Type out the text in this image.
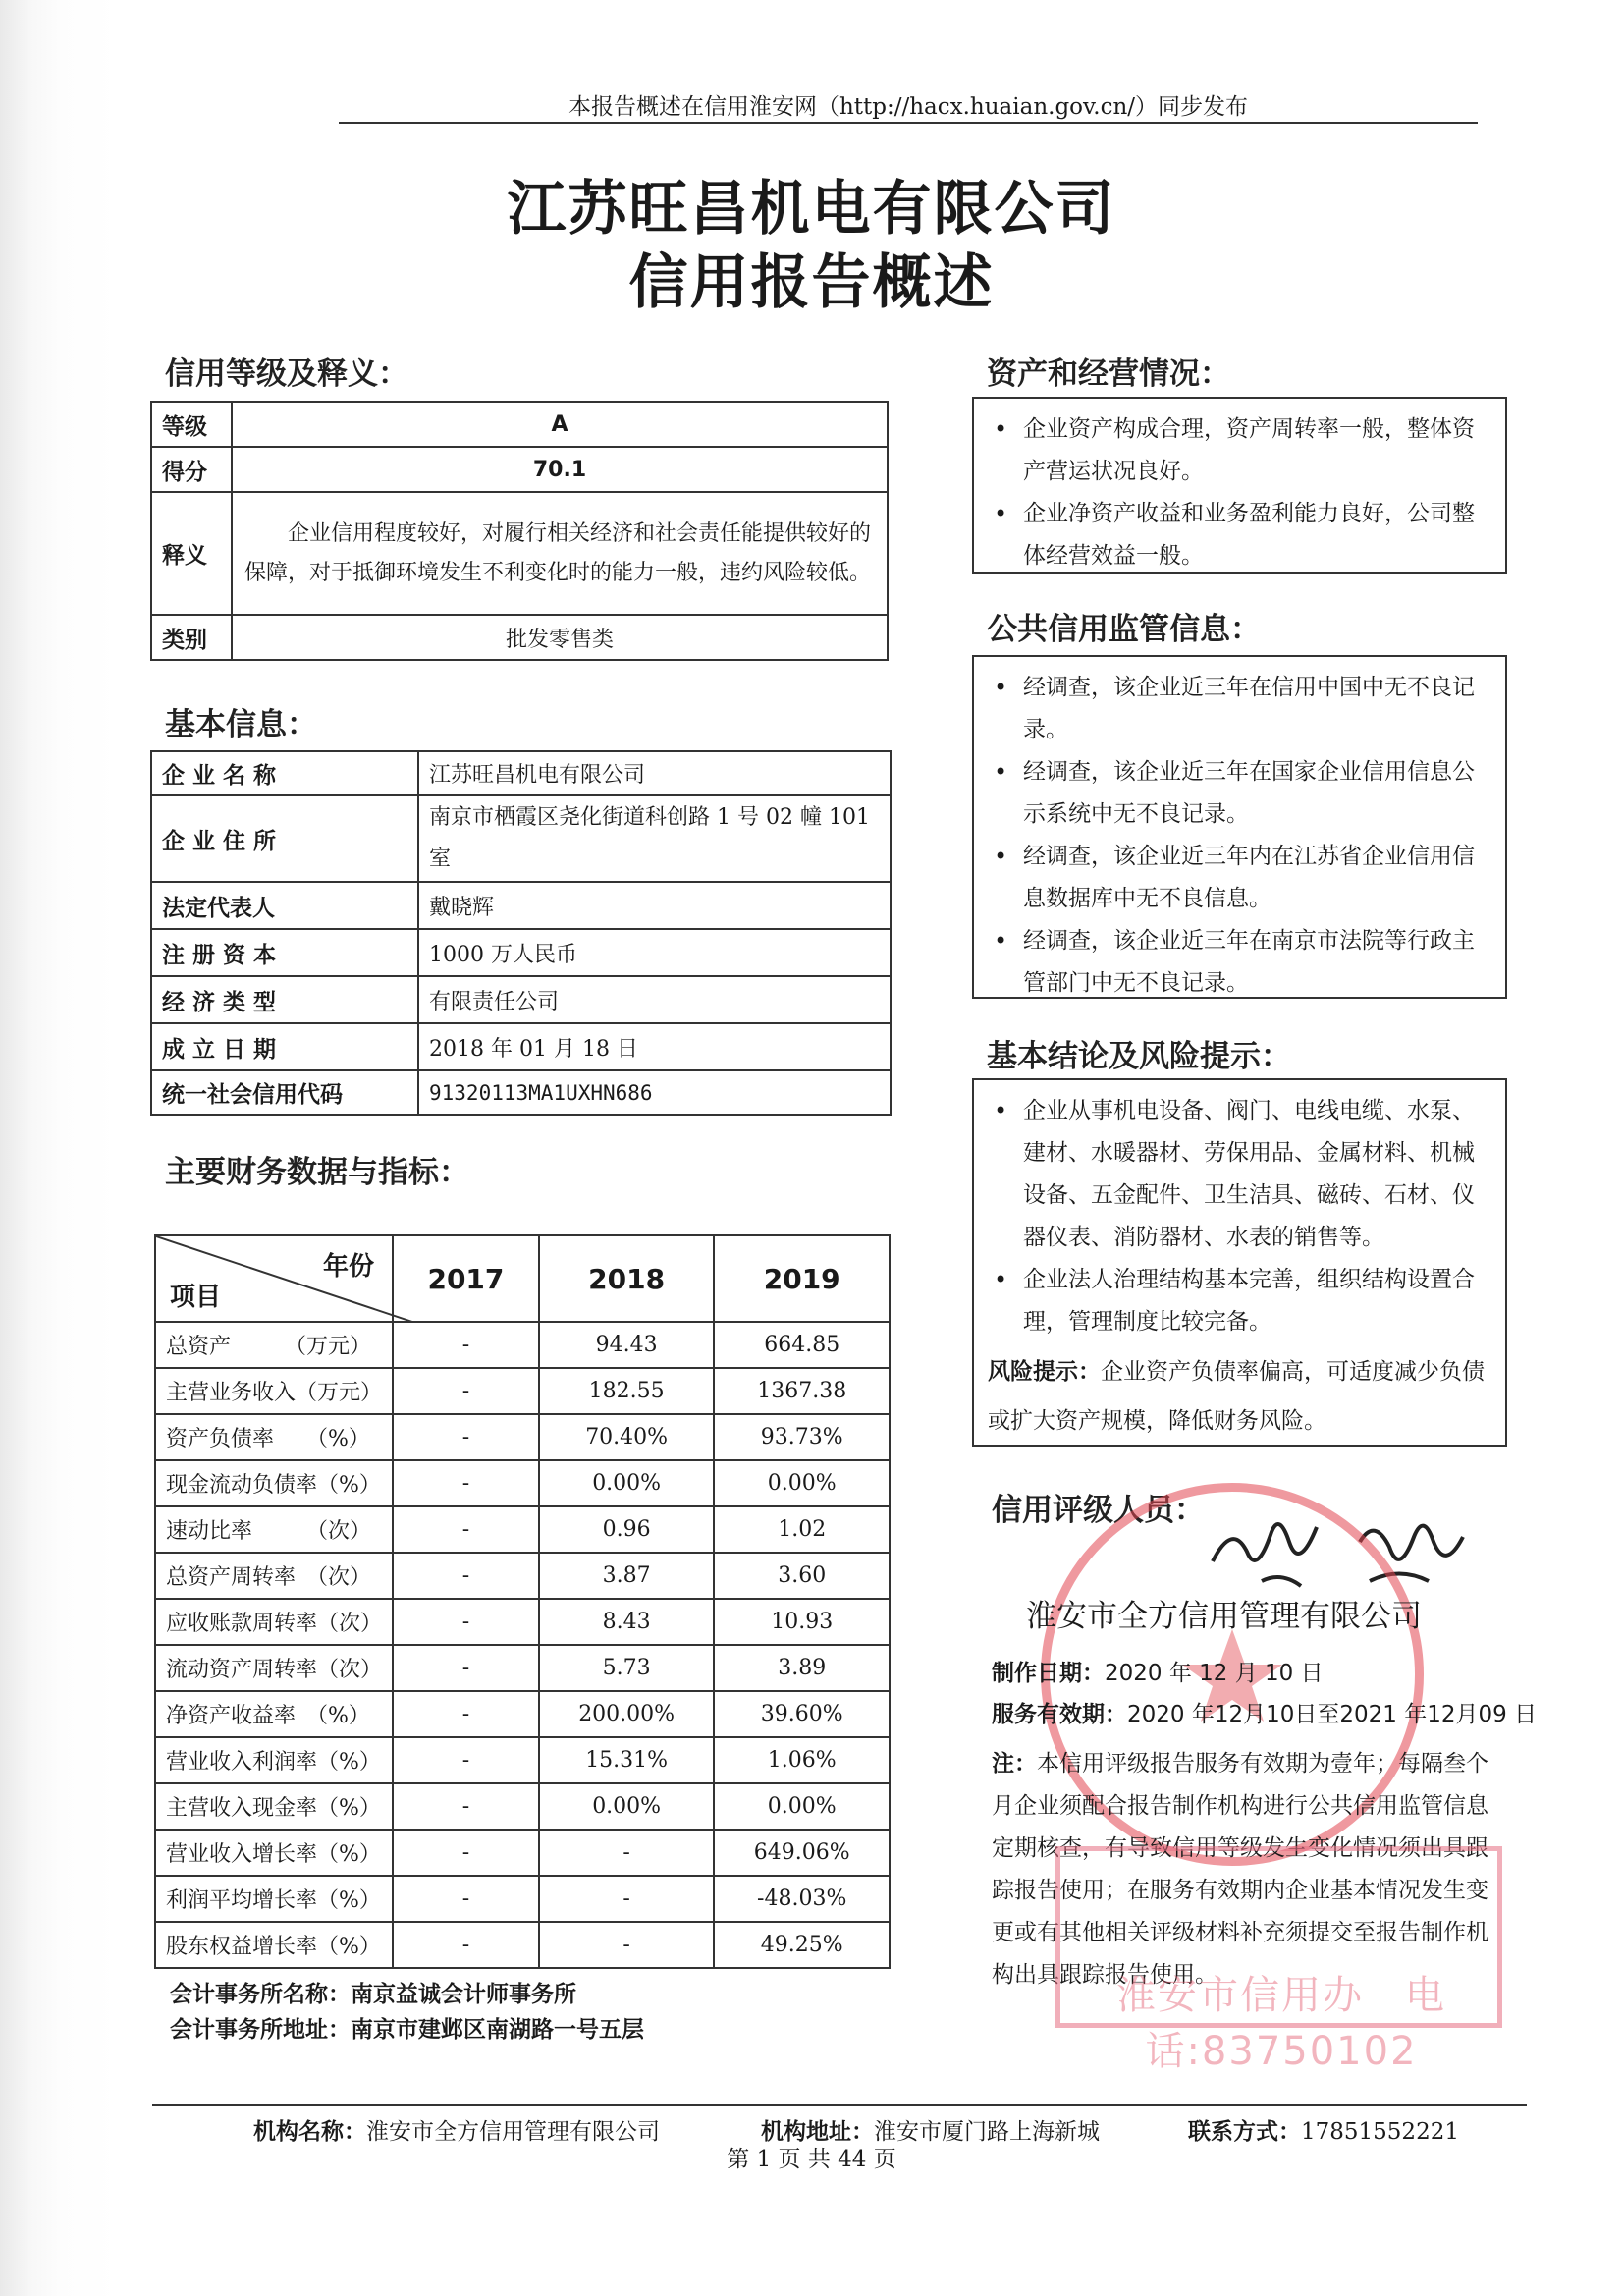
本报告概述在信用淮安网（http://hacx.huaian.gov.cn/）同步发布
江苏旺昌机电有限公司
信用报告概述
信用等级及释义：
等级	A
得分	70.1
释义	企业信用程度较好，对履行相关经济和社会责任能提供较好的保障，对于抵御环境发生不利变化时的能力一般，违约风险较低。
类别	批发零售类
基本信息：
企 业 名 称	江苏旺昌机电有限公司
企 业 住 所	南京市栖霞区尧化街道科创路 1 号 02 幢 101 室
法定代表人	戴晓辉
注 册 资 本	1000 万人民币
经 济 类 型	有限责任公司
成 立 日 期	2018 年 01 月 18 日
统一社会信用代码	91320113MA1UXHN686
主要财务数据与指标：
年份
项目	2017	2018	2019
总资产　　　（万元）	-	94.43	664.85
主营业务收入（万元）	-	182.55	1367.38
资产负债率　　（%）	-	70.40%	93.73%
现金流动负债率（%）	-	0.00%	0.00%
速动比率　　　（次）	-	0.96	1.02
总资产周转率　（次）	-	3.87	3.60
应收账款周转率（次）	-	8.43	10.93
流动资产周转率（次）	-	5.73	3.89
净资产收益率　（%）	-	200.00%	39.60%
营业收入利润率（%）	-	15.31%	1.06%
主营收入现金率（%）	-	0.00%	0.00%
营业收入增长率（%）	-	-	649.06%
利润平均增长率（%）	-	-	-48.03%
股东权益增长率（%）	-	-	49.25%
会计事务所名称：南京益诚会计师事务所
会计事务所地址：南京市建邺区南湖路一号五层
资产和经营情况：
• 企业资产构成合理，资产周转率一般，整体资产营运状况良好。
• 企业净资产收益和业务盈利能力良好，公司整体经营效益一般。
公共信用监管信息：
• 经调查，该企业近三年在信用中国中无不良记录。
• 经调查，该企业近三年在国家企业信用信息公示系统中无不良记录。
• 经调查，该企业近三年内在江苏省企业信用信息数据库中无不良信息。
• 经调查，该企业近三年在南京市法院等行政主管部门中无不良记录。
基本结论及风险提示：
• 企业从事机电设备、阀门、电线电缆、水泵、建材、水暖器材、劳保用品、金属材料、机械设备、五金配件、卫生洁具、磁砖、石材、仪器仪表、消防器材、水表的销售等。
• 企业法人治理结构基本完善，组织结构设置合理，管理制度比较完备。
风险提示：企业资产负债率偏高，可适度减少负债或扩大资产规模，降低财务风险。
信用评级人员：
淮安市全方信用管理有限公司
制作日期：2020 年 12 月 10 日
服务有效期：2020 年12月10日至2021 年12月09 日
注：本信用评级报告服务有效期为壹年；每隔叁个月企业须配合报告制作机构进行公共信用监管信息定期核查，有导致信用等级发生变化情况须出具跟踪报告使用；在服务有效期内企业基本情况发生变更或有其他相关评级材料补充须提交至报告制作机构出具跟踪报告使用。
淮安市信用办　电话:83750102
机构名称：淮安市全方信用管理有限公司	机构地址：淮安市厦门路上海新城	联系方式：17851552221
第 1 页 共 44 页
